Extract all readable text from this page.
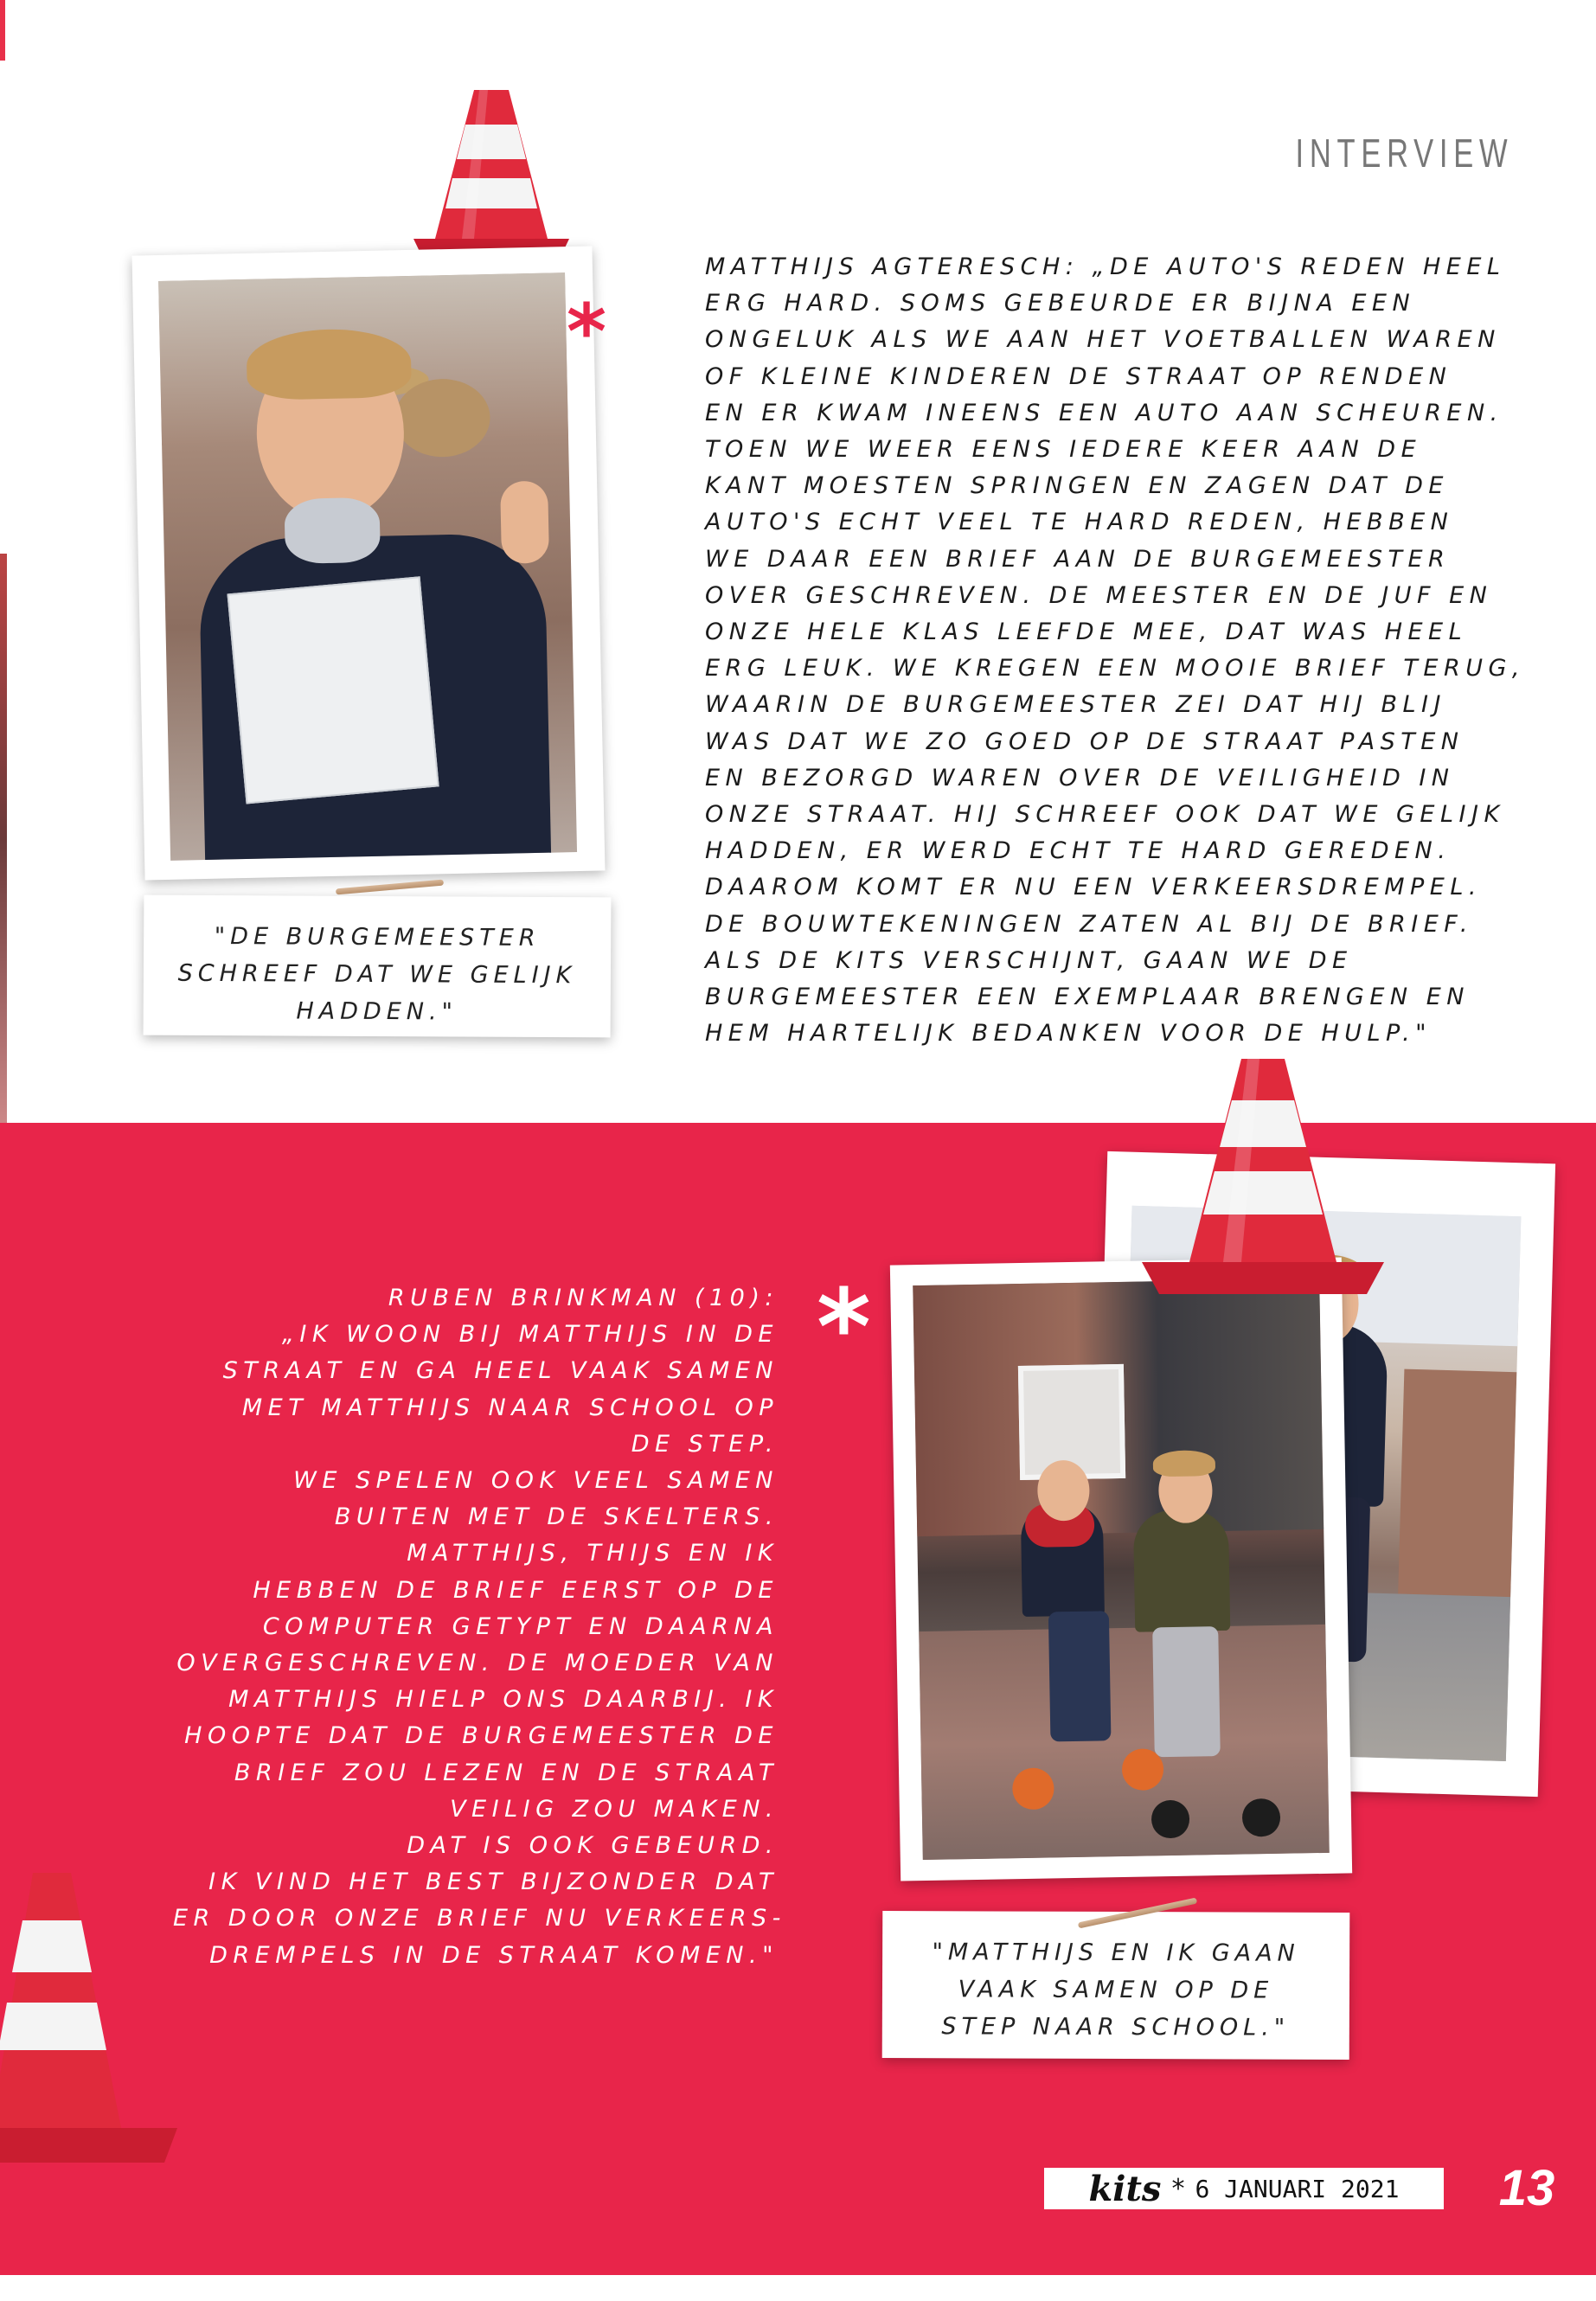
INTERVIEW
*
"DE BURGEMEESTER
SCHREEF DAT WE GELIJK
HADDEN."
MATTHIJS AGTERESCH: „DE AUTO'S REDEN HEEL
ERG HARD. SOMS GEBEURDE ER BIJNA EEN
ONGELUK ALS WE AAN HET VOETBALLEN WAREN
OF KLEINE KINDEREN DE STRAAT OP RENDEN
EN ER KWAM INEENS EEN AUTO AAN SCHEUREN.
TOEN WE WEER EENS IEDERE KEER AAN DE
KANT MOESTEN SPRINGEN EN ZAGEN DAT DE
AUTO'S ECHT VEEL TE HARD REDEN, HEBBEN
WE DAAR EEN BRIEF AAN DE BURGEMEESTER
OVER GESCHREVEN. DE MEESTER EN DE JUF EN
ONZE HELE KLAS LEEFDE MEE, DAT WAS HEEL
ERG LEUK. WE KREGEN EEN MOOIE BRIEF TERUG,
WAARIN DE BURGEMEESTER ZEI DAT HIJ BLIJ
WAS DAT WE ZO GOED OP DE STRAAT PASTEN
EN BEZORGD WAREN OVER DE VEILIGHEID IN
ONZE STRAAT. HIJ SCHREEF OOK DAT WE GELIJK
HADDEN, ER WERD ECHT TE HARD GEREDEN.
DAAROM KOMT ER NU EEN VERKEERSDREMPEL.
DE BOUWTEKENINGEN ZATEN AL BIJ DE BRIEF.
ALS DE KITS VERSCHIJNT, GAAN WE DE
BURGEMEESTER EEN EXEMPLAAR BRENGEN EN
HEM HARTELIJK BEDANKEN VOOR DE HULP."
*
RUBEN BRINKMAN (10):
„IK WOON BIJ MATTHIJS IN DE
STRAAT EN GA HEEL VAAK SAMEN
MET MATTHIJS NAAR SCHOOL OP
DE STEP.
WE SPELEN OOK VEEL SAMEN
BUITEN MET DE SKELTERS.
MATTHIJS, THIJS EN IK
HEBBEN DE BRIEF EERST OP DE
COMPUTER GETYPT EN DAARNA
OVERGESCHREVEN. DE MOEDER VAN
MATTHIJS HIELP ONS DAARBIJ. IK
HOOPTE DAT DE BURGEMEESTER DE
BRIEF ZOU LEZEN EN DE STRAAT
VEILIG ZOU MAKEN.
DAT IS OOK GEBEURD.
IK VIND HET BEST BIJZONDER DAT
ER DOOR ONZE BRIEF NU VERKEERS-
DREMPELS IN DE STRAAT KOMEN."	"MATTHIJS EN IK GAAN
VAAK SAMEN OP DE
STEP NAAR SCHOOL."
kits * 6 JANUARI 2021 13
